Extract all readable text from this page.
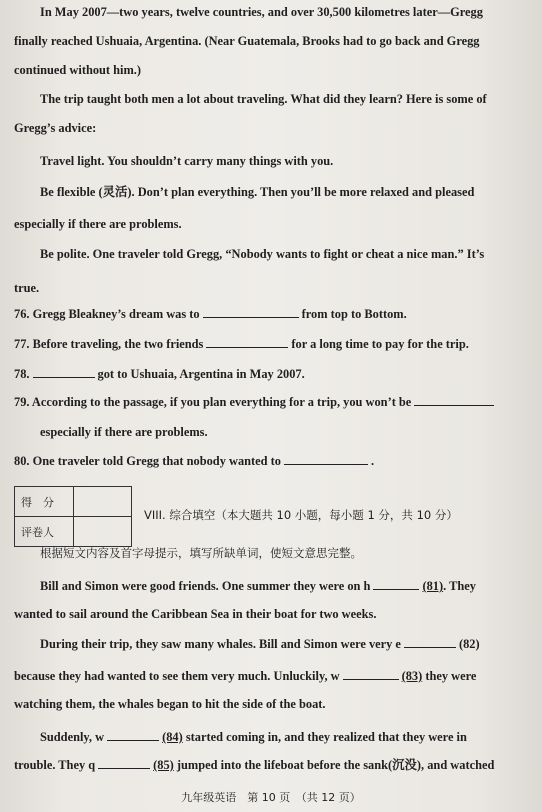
In May 2007—two years, twelve countries, and over 30,500 kilometres later—Gregg
finally reached Ushuaia, Argentina. (Near Guatemala, Brooks had to go back and Gregg
continued without him.)
The trip taught both men a lot about traveling. What did they learn? Here is some of
Gregg’s advice:
Travel light. You shouldn’t carry many things with you.
Be flexible (灵活). Don’t plan everything. Then you’ll be more relaxed and pleased
especially if there are problems.
Be polite. One traveler told Gregg, “Nobody wants to fight or cheat a nice man.” It’s
true.
76. Gregg Bleakney’s dream was to	from top to Bottom.
77. Before traveling, the two friends	for a long time to pay for the trip.
78.	got to Ushuaia, Argentina in May 2007.
79. According to the passage, if you plan everything for a trip, you won’t be
especially if there are problems.
80. One traveler told Gregg that nobody wanted to	.
得　分	
评卷人	
VIII. 综合填空（本大题共 10 小题，每小题 1 分，共 10 分）
根据短文内容及首字母提示，填写所缺单词，使短文意思完整。
Bill and Simon were good friends. One summer they were on h	(81). They
wanted to sail around the Caribbean Sea in their boat for two weeks.
During their trip, they saw many whales. Bill and Simon were very e	(82)
because they had wanted to see them very much. Unluckily, w	(83) they were
watching them, the whales began to hit the side of the boat.
Suddenly, w	(84) started coming in, and they realized that they were in
trouble. They q	(85) jumped into the lifeboat before the sank(沉没), and watched
九年级英语　第 10 页　（共 12 页）
